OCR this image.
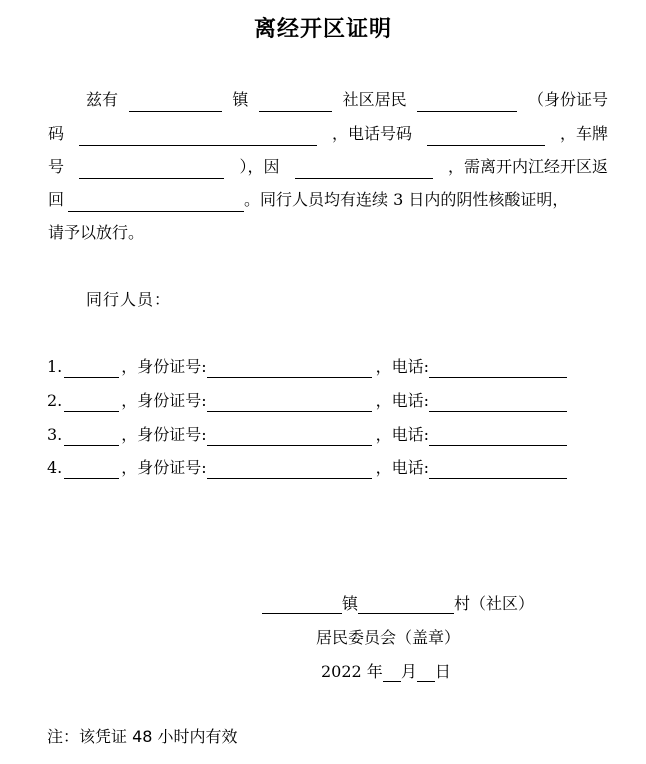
离经开区证明
兹有	镇	社区居民	（身份证号
码	，电话号码	，车牌
号	），因	，需离开内江经开区返
回	。同行人员均有连续 3 日内的阴性核酸证明，
请予以放行。
同行人员：
1.	，身份证号:	，电话:
2.	，身份证号:	，电话:
3.	，身份证号:	，电话:
4.	，身份证号:	，电话:
镇	村（社区）
居民委员会（盖章）
2022 年 月 日
注：该凭证 48 小时内有效
